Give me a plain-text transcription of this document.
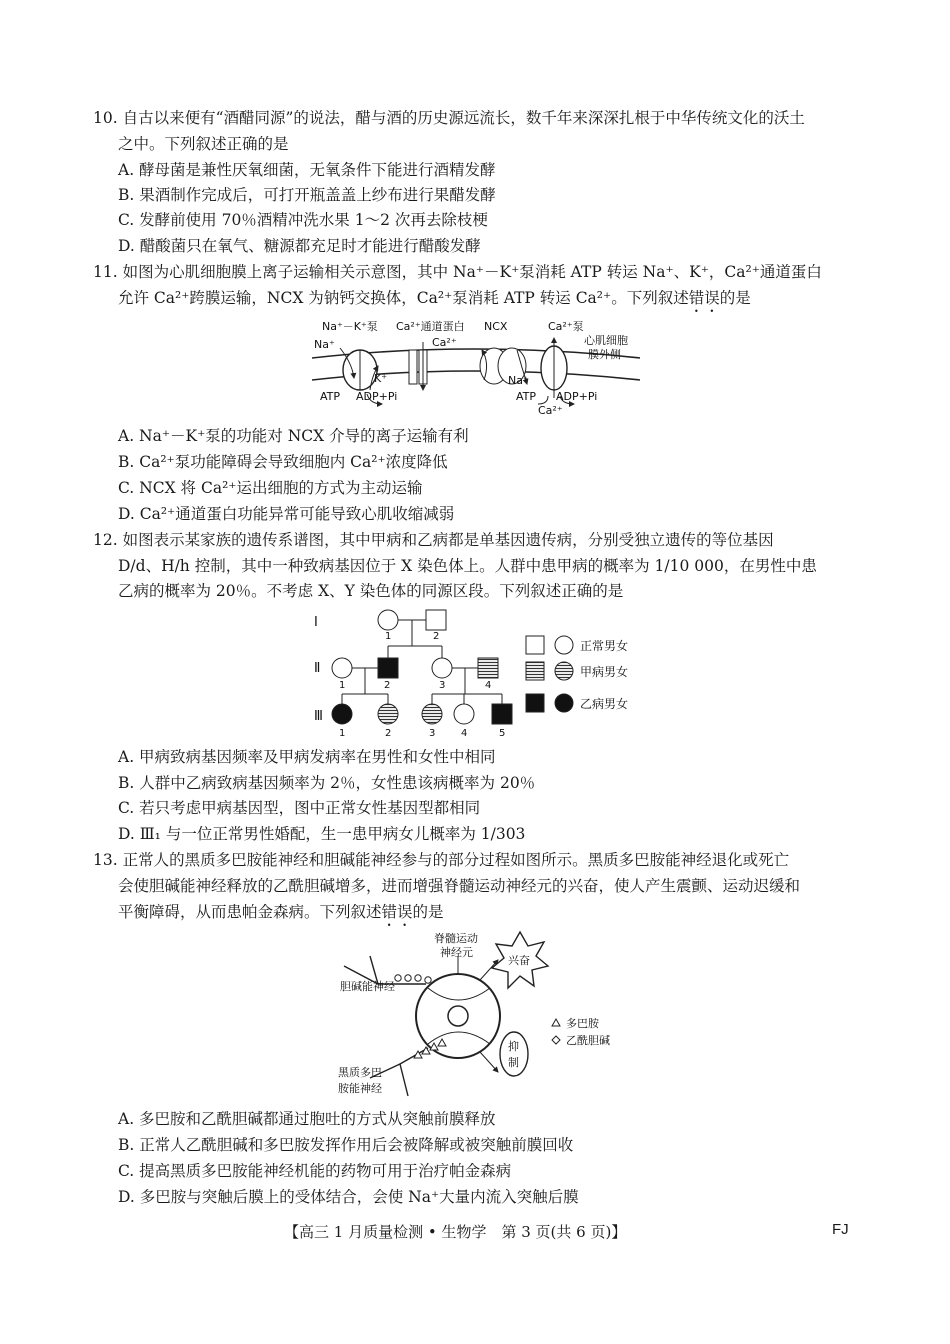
10. 自古以来便有“酒醋同源”的说法，醋与酒的历史源远流长，数千年来深深扎根于中华传统文化的沃土
之中。下列叙述正确的是
A. 酵母菌是兼性厌氧细菌，无氧条件下能进行酒精发酵
B. 果酒制作完成后，可打开瓶盖盖上纱布进行果醋发酵
C. 发酵前使用 70％酒精冲洗水果 1～2 次再去除枝梗
D. 醋酸菌只在氧气、糖源都充足时才能进行醋酸发酵
11. 如图为心肌细胞膜上离子运输相关示意图，其中 Na⁺－K⁺泵消耗 ATP 转运 Na⁺、K⁺，Ca²⁺通道蛋白
允许 Ca²⁺跨膜运输，NCX 为钠钙交换体，Ca²⁺泵消耗 ATP 转运 Ca²⁺。下列叙述错误的是
Na⁺－K⁺泵 Ca²⁺通道蛋白 NCX	Ca²⁺泵
心肌细胞
膜外侧
Na⁺
K⁺
ATP ADP+Pi
Ca²⁺
Na⁺
ATP ADP+Pi
Ca²⁺
A. Na⁺－K⁺泵的功能对 NCX 介导的离子运输有利
B. Ca²⁺泵功能障碍会导致细胞内 Ca²⁺浓度降低
C. NCX 将 Ca²⁺运出细胞的方式为主动运输
D. Ca²⁺通道蛋白功能异常可能导致心肌收缩减弱
12. 如图表示某家族的遗传系谱图，其中甲病和乙病都是单基因遗传病，分别受独立遗传的等位基因
D/d、H/h 控制，其中一种致病基因位于 X 染色体上。人群中患甲病的概率为 1/10 000，在男性中患
乙病的概率为 20％。不考虑 X、Y 染色体的同源区段。下列叙述正确的是
Ⅰ
Ⅱ
Ⅲ
1	2
1	2	3	4
1	2	3	4	5
正常男女
甲病男女
乙病男女
A. 甲病致病基因频率及甲病发病率在男性和女性中相同
B. 人群中乙病致病基因频率为 2％，女性患该病概率为 20％
C. 若只考虑甲病基因型，图中正常女性基因型都相同
D. Ⅲ₁ 与一位正常男性婚配，生一患甲病女儿概率为 1/303
13. 正常人的黑质多巴胺能神经和胆碱能神经参与的部分过程如图所示。黑质多巴胺能神经退化或死亡
会使胆碱能神经释放的乙酰胆碱增多，进而增强脊髓运动神经元的兴奋，使人产生震颤、运动迟缓和
平衡障碍，从而患帕金森病。下列叙述错误的是
兴奋
抑
制
脊髓运动
神经元
胆碱能神经
黑质多巴
胺能神经
多巴胺
乙酰胆碱
A. 多巴胺和乙酰胆碱都通过胞吐的方式从突触前膜释放
B. 正常人乙酰胆碱和多巴胺发挥作用后会被降解或被突触前膜回收
C. 提高黑质多巴胺能神经机能的药物可用于治疗帕金森病
D. 多巴胺与突触后膜上的受体结合，会使 Na⁺大量内流入突触后膜
【高三 1 月质量检测 • 生物学　第 3 页(共 6 页)】	FJ
